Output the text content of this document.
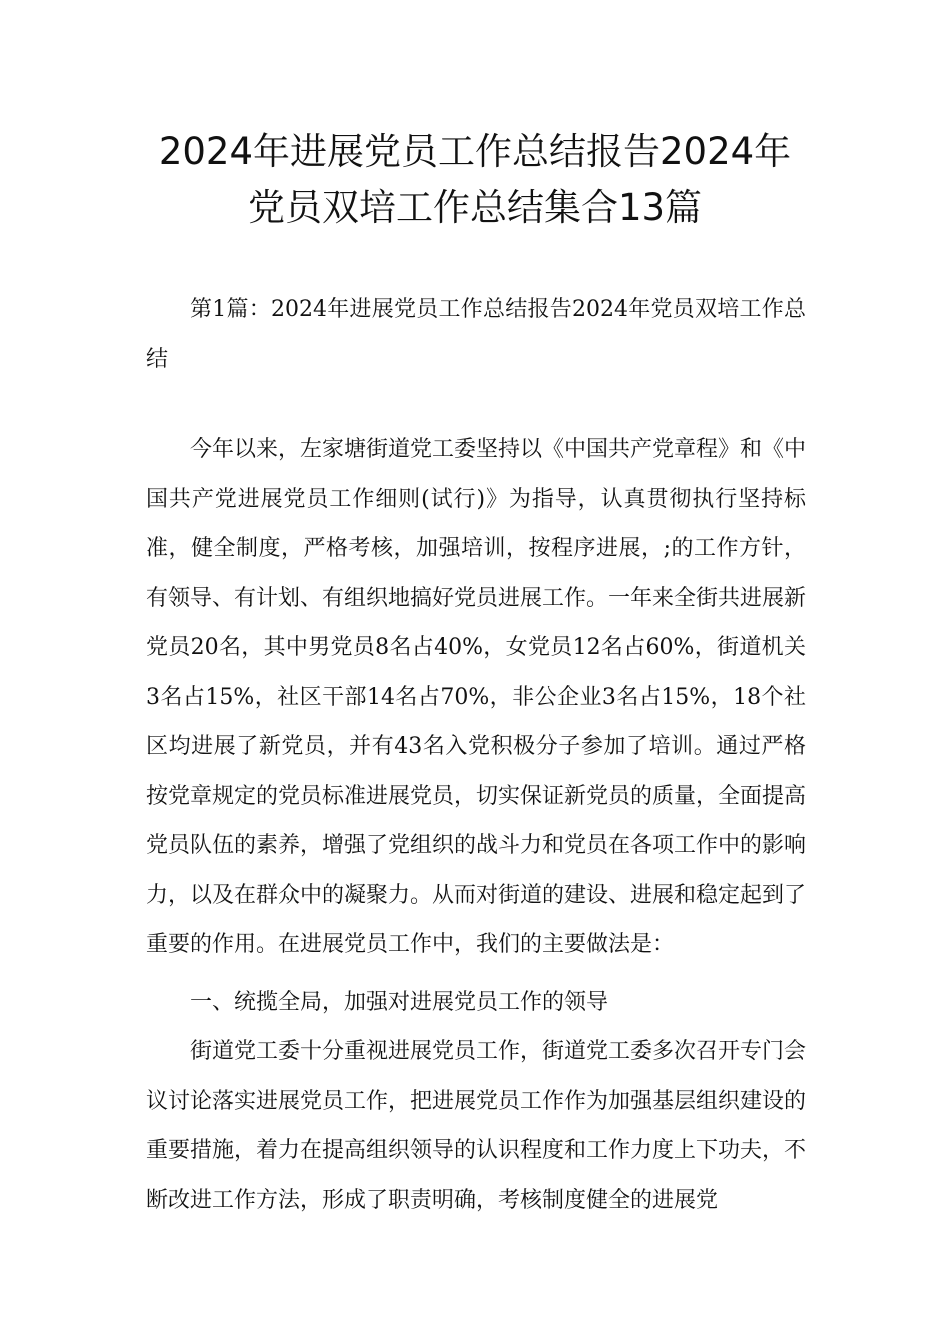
2024年进展党员工作总结报告2024年
党员双培工作总结集合13篇

第1篇：2024年进展党员工作总结报告2024年党员双培工作总结

今年以来，左家塘街道党工委坚持以《中国共产党章程》和《中国共产党进展党员工作细则(试行)》为指导，认真贯彻执行坚持标准，健全制度，严格考核，加强培训，按程序进展，;的工作方针，有领导、有计划、有组织地搞好党员进展工作。一年来全街共进展新党员20名，其中男党员8名占40%，女党员12名占60%，街道机关3名占15%，社区干部14名占70%，非公企业3名占15%，18个社区均进展了新党员，并有43名入党积极分子参加了培训。通过严格按党章规定的党员标准进展党员，切实保证新党员的质量，全面提高党员队伍的素养，增强了党组织的战斗力和党员在各项工作中的影响力，以及在群众中的凝聚力。从而对街道的建设、进展和稳定起到了重要的作用。在进展党员工作中，我们的主要做法是：

一、统揽全局，加强对进展党员工作的领导

街道党工委十分重视进展党员工作，街道党工委多次召开专门会议讨论落实进展党员工作，把进展党员工作作为加强基层组织建设的重要措施，着力在提高组织领导的认识程度和工作力度上下功夫，不断改进工作方法，形成了职责明确，考核制度健全的进展党
